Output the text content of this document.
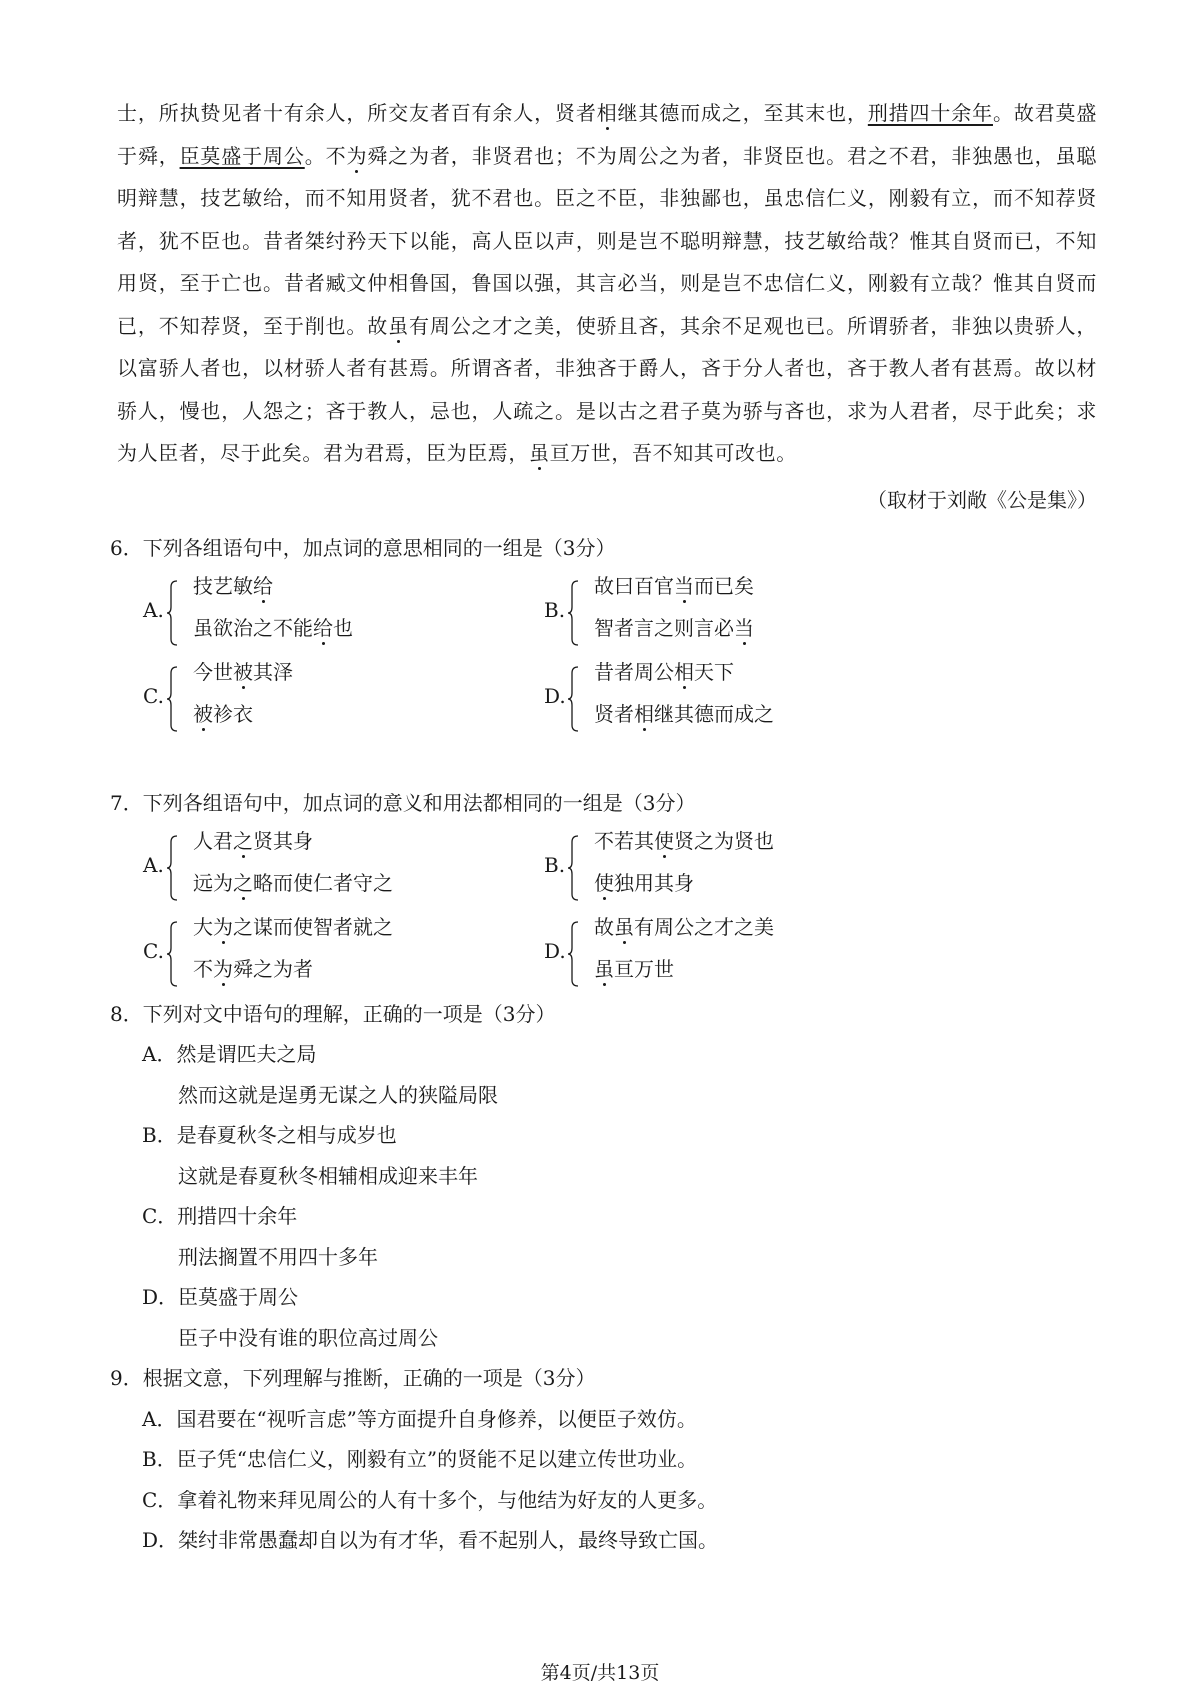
士，所执贽见者十有余人，所交友者百有余人，贤者相继其德而成之，至其末也，刑措四十余年。故君莫盛于舜，臣莫盛于周公。不为舜之为者，非贤君也；不为周公之为者，非贤臣也。君之不君，非独愚也，虽聪明辩慧，技艺敏给，而不知用贤者，犹不君也。臣之不臣，非独鄙也，虽忠信仁义，刚毅有立，而不知荐贤者，犹不臣也。昔者桀纣矜天下以能，高人臣以声，则是岂不聪明辩慧，技艺敏给哉？惟其自贤而已，不知用贤，至于亡也。昔者臧文仲相鲁国，鲁国以强，其言必当，则是岂不忠信仁义，刚毅有立哉？惟其自贤而已，不知荐贤，至于削也。故虽有周公之才之美，使骄且吝，其余不足观也已。所谓骄者，非独以贵骄人，以富骄人者也，以材骄人者有甚焉。所谓吝者，非独吝于爵人，吝于分人者也，吝于教人者有甚焉。故以材骄人，慢也，人怨之；吝于教人，忌也，人疏之。是以古之君子莫为骄与吝也，求为人君者，尽于此矣；求为人臣者，尽于此矣。君为君焉，臣为臣焉，虽亘万世，吾不知其可改也。
（取材于刘敞《公是集》）
6．下列各组语句中，加点词的意思相同的一组是（3分）
A.
技艺敏给
虽欲治之不能给也
B.
故曰百官当而已矣
智者言之则言必当
C.
今世被其泽
被袗衣
D.
昔者周公相天下
贤者相继其德而成之
7．下列各组语句中，加点词的意义和用法都相同的一组是（3分）
A.
人君之贤其身
远为之略而使仁者守之
B.
不若其使贤之为贤也
使独用其身
C.
大为之谋而使智者就之
不为舜之为者
D.
故虽有周公之才之美
虽亘万世
8．下列对文中语句的理解，正确的一项是（3分）
A．然是谓匹夫之局
然而这就是逞勇无谋之人的狭隘局限
B．是春夏秋冬之相与成岁也
这就是春夏秋冬相辅相成迎来丰年
C．刑措四十余年
刑法搁置不用四十多年
D．臣莫盛于周公
臣子中没有谁的职位高过周公
9．根据文意，下列理解与推断，正确的一项是（3分）
A．国君要在“视听言虑”等方面提升自身修养，以便臣子效仿。
B．臣子凭“忠信仁义，刚毅有立”的贤能不足以建立传世功业。
C．拿着礼物来拜见周公的人有十多个，与他结为好友的人更多。
D．桀纣非常愚蠢却自以为有才华，看不起别人，最终导致亡国。
第4页/共13页
